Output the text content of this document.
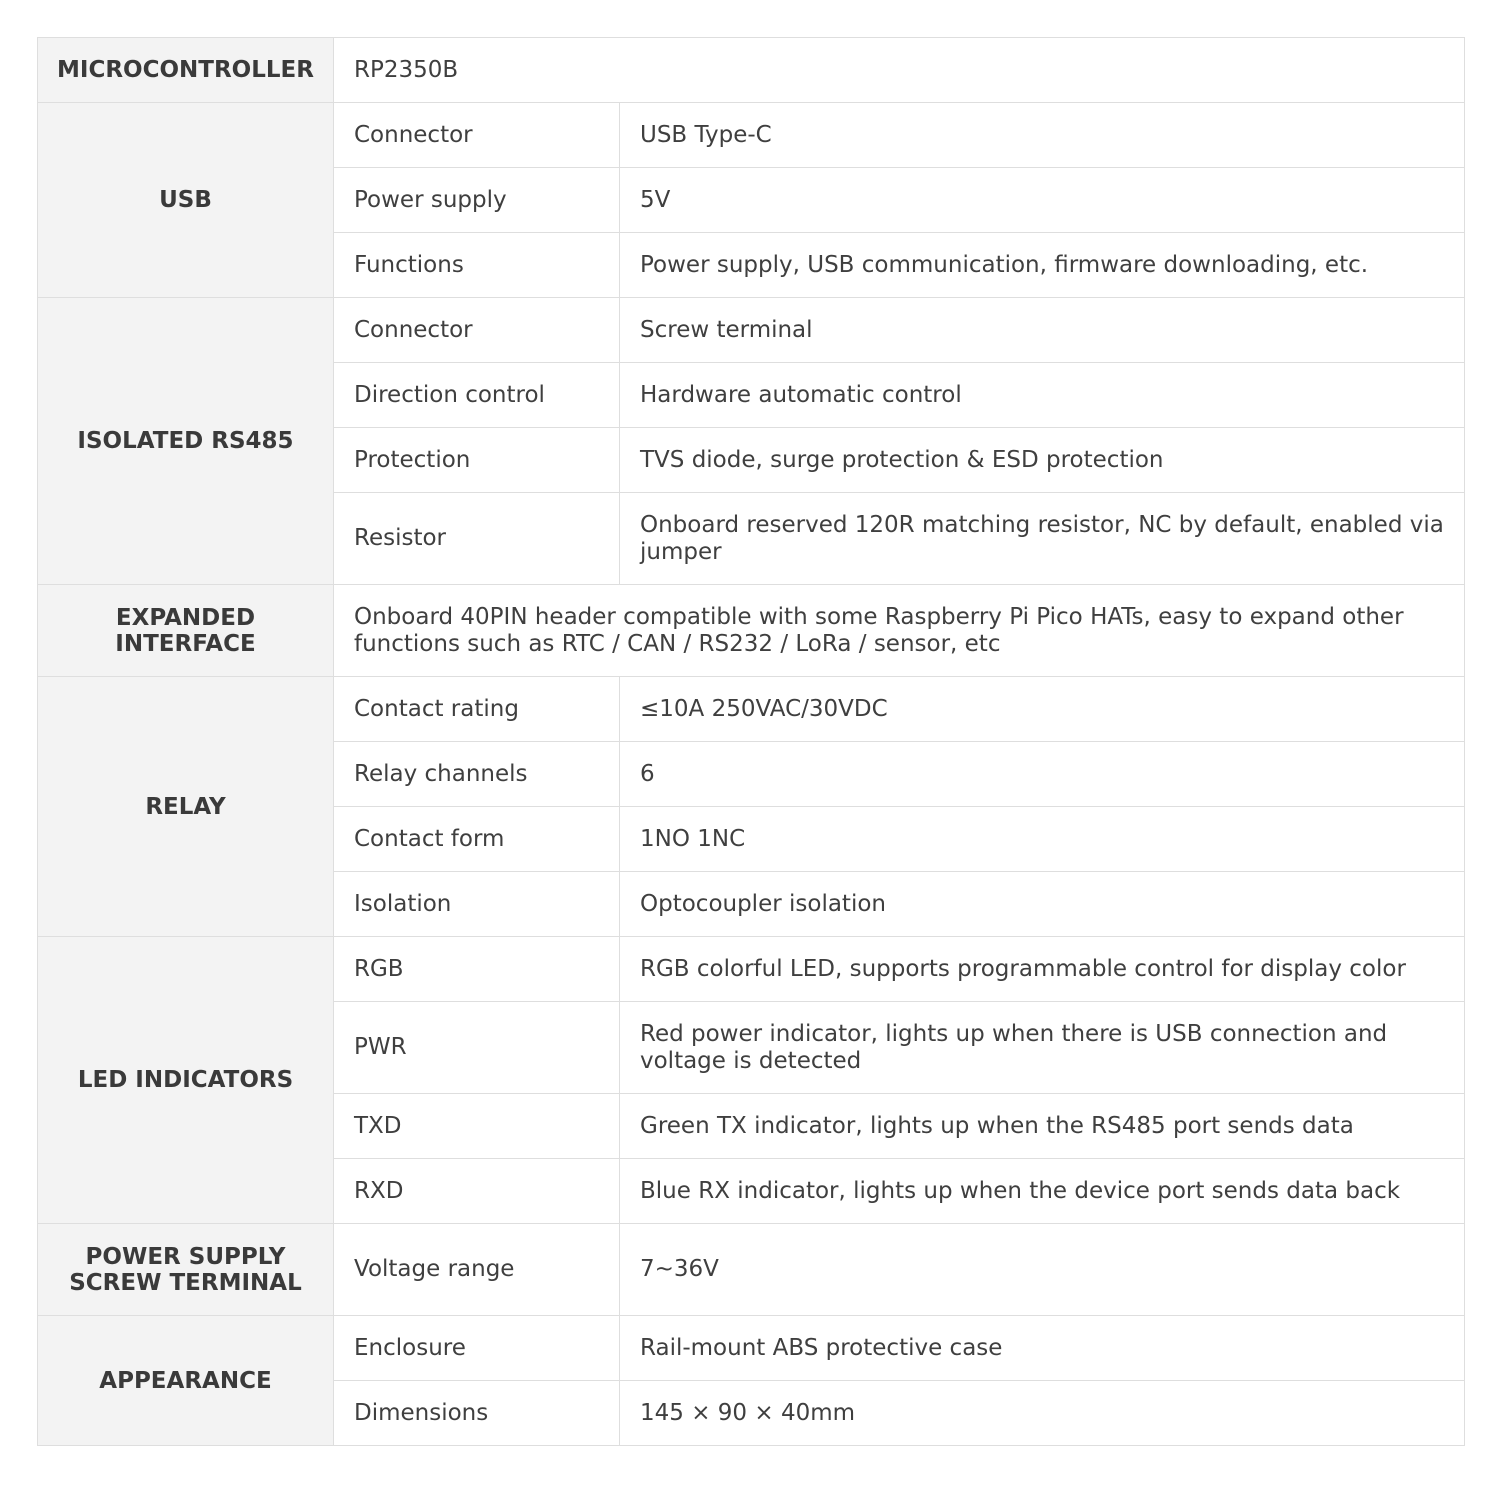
MICROCONTROLLER	RP2350B	
USB	Connector	USB Type-C
	Power supply	5V
	Functions	Power supply, USB communication, firmware downloading, etc.
ISOLATED RS485	Connector	Screw terminal
	Direction control	Hardware automatic control
	Protection	TVS diode, surge protection & ESD protection
	Resistor	Onboard reserved 120R matching resistor, NC by default, enabled via jumper
EXPANDED
INTERFACE	Onboard 40PIN header compatible with some Raspberry Pi Pico HATs, easy to expand other functions such as RTC / CAN / RS232 / LoRa / sensor, etc	
RELAY	Contact rating	≤10A 250VAC/30VDC
	Relay channels	6
	Contact form	1NO 1NC
	Isolation	Optocoupler isolation
LED INDICATORS	RGB	RGB colorful LED, supports programmable control for display color
	PWR	Red power indicator, lights up when there is USB connection and voltage is detected
	TXD	Green TX indicator, lights up when the RS485 port sends data
	RXD	Blue RX indicator, lights up when the device port sends data back
POWER SUPPLY
SCREW TERMINAL	Voltage range	7~36V
APPEARANCE	Enclosure	Rail-mount ABS protective case
	Dimensions	145 × 90 × 40mm
